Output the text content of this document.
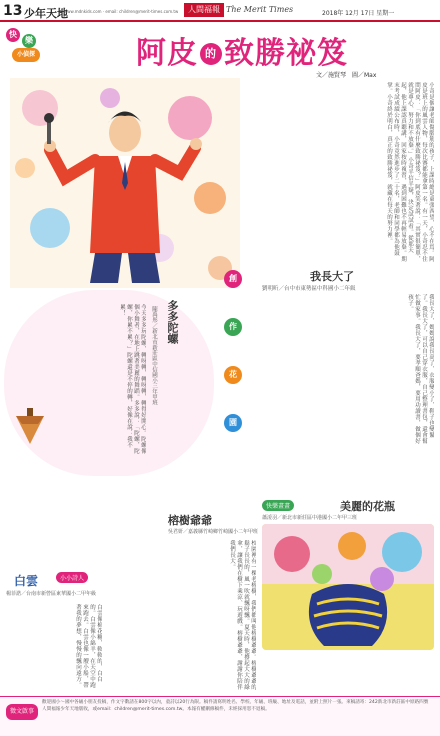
13 少年天地
www.mdnkids.com · email: children@merit-times.com.tw	人間福報 The Merit Times	2018年 12月 17日 星期一
快
樂
小偵探	阿皮 的 致勝祕笈
文／施賢琴　圖／Max
小奇是個讓老師傷腦筋的孩子，上課時總是東張西望，心不在焉。阿皮是班上的風雲人物，每次比賽都能拿第一名。有一天，小奇忍不住問阿皮：「你到底有什麼致勝祕笈？」阿皮笑著說：「其實很簡單，就是專心、努力和不放棄。」小奇半信半疑，決定試試看。從那天起，他上課認真聽講，回家按時複習，遇到困難也不再輕易放棄。期末考試成績公布時，小奇竟然進步了二十名，老師和同學都為他鼓掌。小奇終於明白，真正的致勝祕笈，就藏在每天的努力裡。
多多陀螺
陳禹彤／新北市新莊區中信國小三年甲班
今天多多玩陀螺，轉呀轉，轉呀轉，轉得好開心。陀螺像個小舞者，在地上跳著美麗的舞蹈。多多說：「陀螺，陀螺，你累不累？」陀螺還是不停的轉，好像在說：我不累！
創
作
花
園
我長大了
劉明昕／台中市東勢區中科國小二年級
我長大了，媽媽說我長高了，衣服變小了，鞋子也變緊了。我長大了，可以自己穿衣服，自己整理書包，還會幫忙做家事。我長大了，要孝順爸媽，要用功讀書，做個好孩子。
快樂畫畫	美麗的花瓶
蕭湲羽／新北市新莊區中港國小二年甲三班
榕樹爺爺
吳君妍／嘉義縣竹崎鄉竹崎國小二年甲班
校園裡有一棵老榕樹，我們都叫他榕樹爺爺。榕樹爺爺的鬍子長長的，風一吹就飄呀飄。夏天時，他撐起大大的綠傘，讓我們在樹下乘涼、玩遊戲。榕樹爺爺，謝謝你陪伴我們長大。
白雲	小小詩人
楊菲諾／台南市新營區東華國小二甲年級
白雲像棉花糖，軟軟的，白白的。白雲像小綿羊，在天空中跑來跑去。白雲也像一艘小船，帶著我的夢想，慢慢的飄向遠方。
徵文啟事
歡迎國小～國中各級小朋友投稿，作文字數請在800字以內，童詩以20行為限。稿件請寫明姓名、學校、年級、班級、地址及電話，並附上照片一張。來稿請寄：242新北市新莊區中原路四號 人間福報少年天地版收，或email：children@merit-times.com.tw。本報有權刪修稿件，未經採用恕不退稿。
